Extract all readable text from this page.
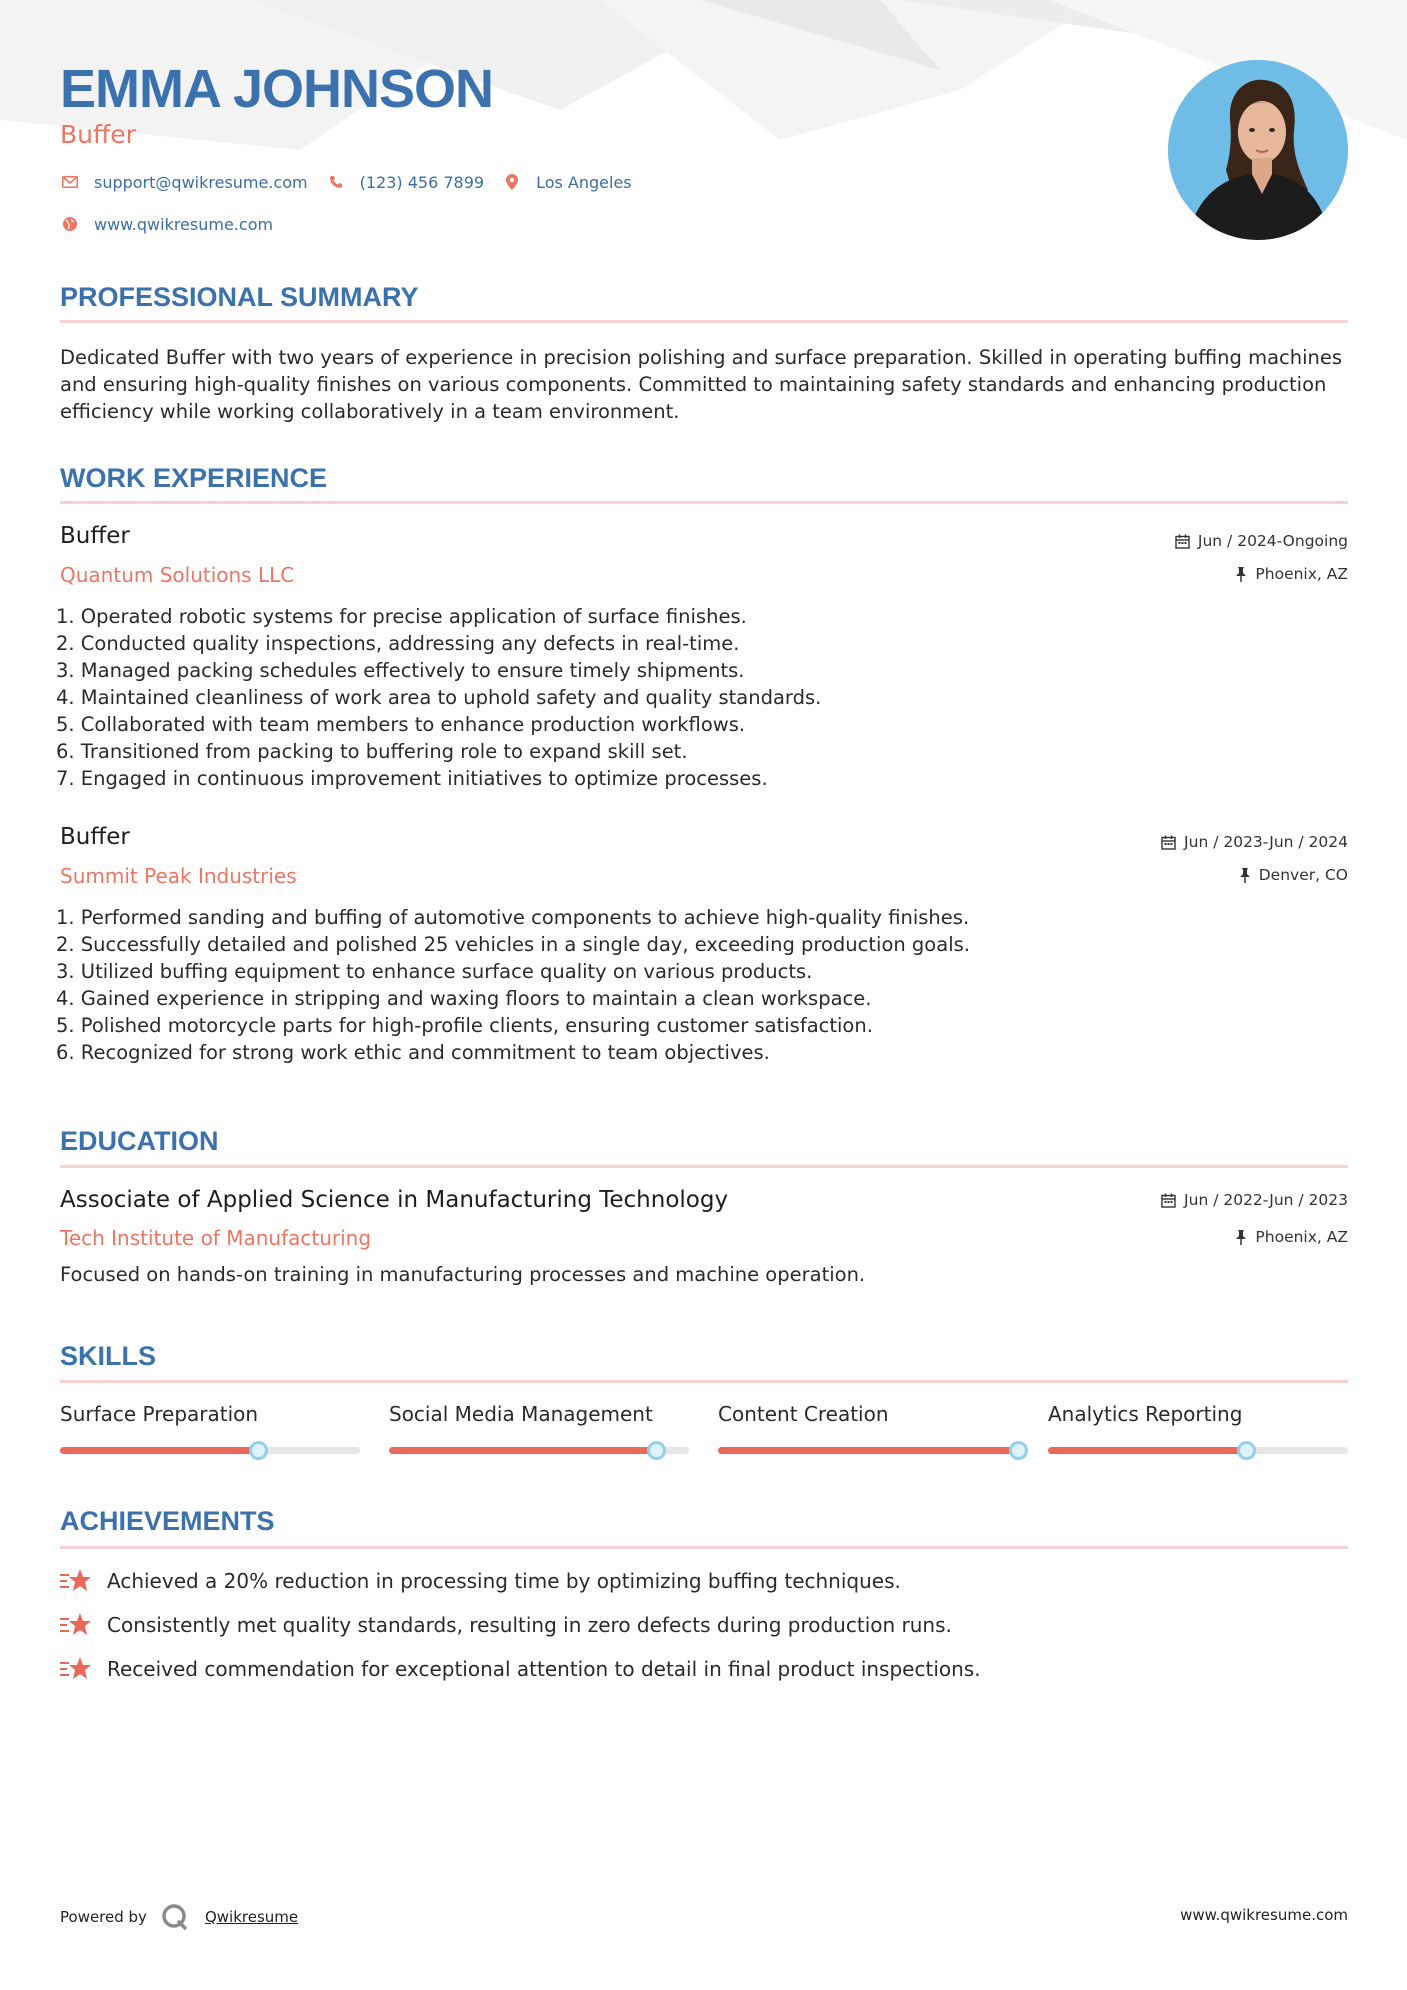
EMMA JOHNSON
Buffer
support@qwikresume.com	(123) 456 7899	Los Angeles
www.qwikresume.com
PROFESSIONAL SUMMARY
Dedicated Buffer with two years of experience in precision polishing and surface preparation. Skilled in operating buffing machines and ensuring high-quality finishes on various components. Committed to maintaining safety standards and enhancing production efficiency while working collaboratively in a team environment.
WORK EXPERIENCE
Buffer
Quantum Solutions LLC
Jun / 2024-Ongoing
Phoenix, AZ
1. Operated robotic systems for precise application of surface finishes.
2. Conducted quality inspections, addressing any defects in real-time.
3. Managed packing schedules effectively to ensure timely shipments.
4. Maintained cleanliness of work area to uphold safety and quality standards.
5. Collaborated with team members to enhance production workflows.
6. Transitioned from packing to buffering role to expand skill set.
7. Engaged in continuous improvement initiatives to optimize processes.
Buffer
Summit Peak Industries
Jun / 2023-Jun / 2024
Denver, CO
1. Performed sanding and buffing of automotive components to achieve high-quality finishes.
2. Successfully detailed and polished 25 vehicles in a single day, exceeding production goals.
3. Utilized buffing equipment to enhance surface quality on various products.
4. Gained experience in stripping and waxing floors to maintain a clean workspace.
5. Polished motorcycle parts for high-profile clients, ensuring customer satisfaction.
6. Recognized for strong work ethic and commitment to team objectives.
EDUCATION
Associate of Applied Science in Manufacturing Technology
Tech Institute of Manufacturing
Jun / 2022-Jun / 2023
Phoenix, AZ
Focused on hands-on training in manufacturing processes and machine operation.
SKILLS
Surface Preparation	Social Media Management	Content Creation	Analytics Reporting
ACHIEVEMENTS
Achieved a 20% reduction in processing time by optimizing buffing techniques.
Consistently met quality standards, resulting in zero defects during production runs.
Received commendation for exceptional attention to detail in final product inspections.
Powered by	Qwikresume	www.qwikresume.com
